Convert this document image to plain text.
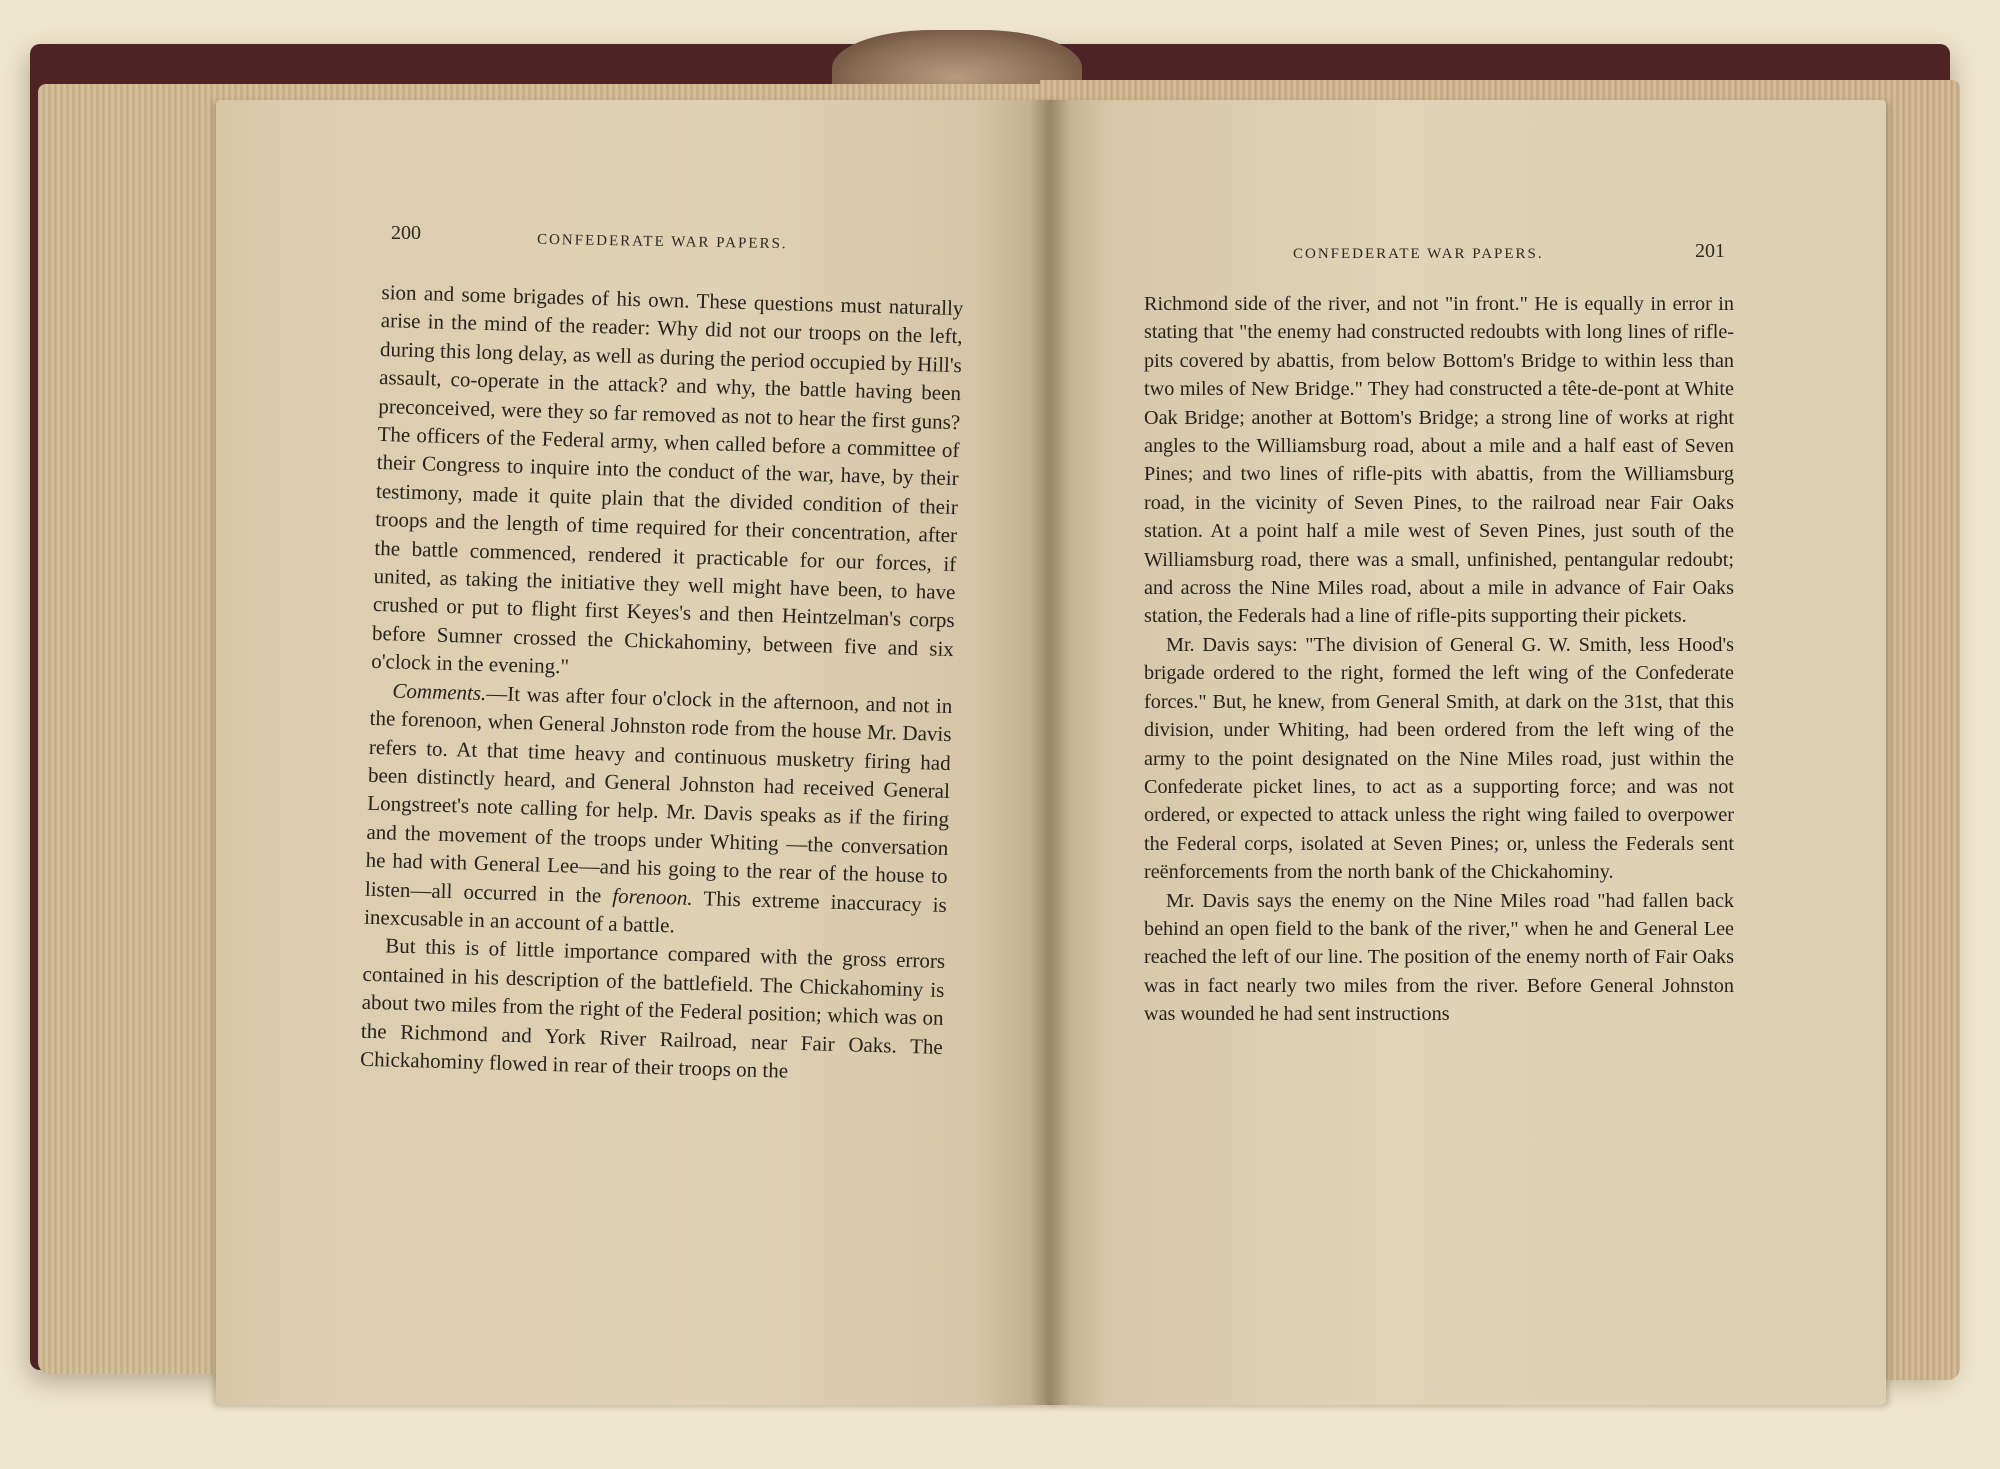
200	CONFEDERATE WAR PAPERS.

sion and some brigades of his own. These questions must naturally arise in the mind of the reader: Why did not our troops on the left, during this long delay, as well as during the period occupied by Hill's assault, co-operate in the attack? and why, the battle having been preconceived, were they so far removed as not to hear the first guns? The officers of the Federal army, when called before a committee of their Congress to inquire into the conduct of the war, have, by their testimony, made it quite plain that the divided condition of their troops and the length of time required for their concentration, after the battle commenced, rendered it practicable for our forces, if united, as taking the initiative they well might have been, to have crushed or put to flight first Keyes's and then Heintzelman's corps before Sumner crossed the Chickahominy, between five and six o'clock in the evening."

Comments.—It was after four o'clock in the afternoon, and not in the forenoon, when General Johnston rode from the house Mr. Davis refers to. At that time heavy and continuous musketry firing had been distinctly heard, and General Johnston had received General Longstreet's note calling for help. Mr. Davis speaks as if the firing and the movement of the troops under Whiting —the conversation he had with General Lee—and his going to the rear of the house to listen—all occurred in the forenoon. This extreme inaccuracy is inexcusable in an account of a battle.

But this is of little importance compared with the gross errors contained in his description of the battlefield. The Chickahominy is about two miles from the right of the Federal position; which was on the Richmond and York River Railroad, near Fair Oaks. The Chickahominy flowed in rear of their troops on the

CONFEDERATE WAR PAPERS.	201

Richmond side of the river, and not "in front." He is equally in error in stating that "the enemy had constructed redoubts with long lines of rifle-pits covered by abattis, from below Bottom's Bridge to within less than two miles of New Bridge." They had constructed a tête-de-pont at White Oak Bridge; another at Bottom's Bridge; a strong line of works at right angles to the Williamsburg road, about a mile and a half east of Seven Pines; and two lines of rifle-pits with abattis, from the Williamsburg road, in the vicinity of Seven Pines, to the railroad near Fair Oaks station. At a point half a mile west of Seven Pines, just south of the Williamsburg road, there was a small, unfinished, pentangular redoubt; and across the Nine Miles road, about a mile in advance of Fair Oaks station, the Federals had a line of rifle-pits supporting their pickets.

Mr. Davis says: "The division of General G. W. Smith, less Hood's brigade ordered to the right, formed the left wing of the Confederate forces." But, he knew, from General Smith, at dark on the 31st, that this division, under Whiting, had been ordered from the left wing of the army to the point designated on the Nine Miles road, just within the Confederate picket lines, to act as a supporting force; and was not ordered, or expected to attack unless the right wing failed to overpower the Federal corps, isolated at Seven Pines; or, unless the Federals sent reënforcements from the north bank of the Chickahominy.

Mr. Davis says the enemy on the Nine Miles road "had fallen back behind an open field to the bank of the river," when he and General Lee reached the left of our line. The position of the enemy north of Fair Oaks was in fact nearly two miles from the river. Before General Johnston was wounded he had sent instructions
